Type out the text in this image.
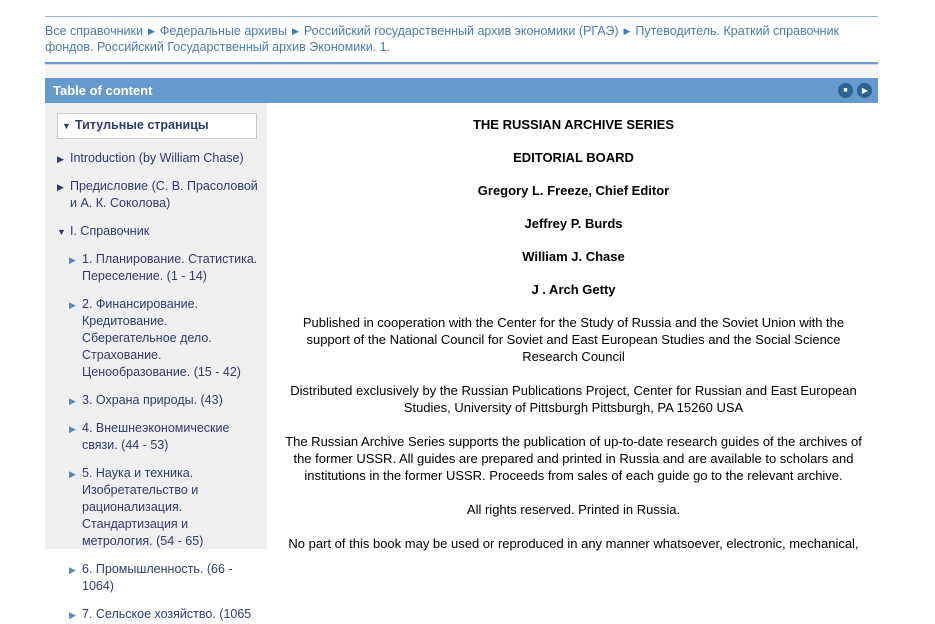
Все справочники ▶ Федеральные архивы ▶ Российский государственный архив экономики (РГАЭ) ▶ Путеводитель. Краткий справочник фондов. Российский Государственный архив Экономики. 1.
Table of content	■ ▶
▼ Титульные страницы
▶ Introduction (by William Chase)
▶ Предисловие (С. В. Прасоловой и А. К. Соколова)
▼ I. Справочник
▶ 1. Планирование. Статистика. Переселение. (1 - 14)
▶ 2. Финансирование. Кредитование. Сберегательное дело. Страхование. Ценообразование. (15 - 42)
▶ 3. Охрана природы. (43)
▶ 4. Внешнеэкономические связи. (44 - 53)
▶ 5. Наука и техника. Изобретательство и рационализация. Стандартизация и метрология. (54 - 65)
▶ 6. Промышленность. (66 - 1064)
▶ 7. Сельское хозяйство. (1065
THE RUSSIAN ARCHIVE SERIES
EDITORIAL BOARD
Gregory L. Freeze, Chief Editor
Jeffrey P. Burds
William J. Chase
J . Arch Getty

Published in cooperation with the Center for the Study of Russia and the Soviet Union with the support of the National Council for Soviet and East European Studies and the Social Science Research Council

Distributed exclusively by the Russian Publications Project, Center for Russian and East European Studies, University of Pittsburgh Pittsburgh, PA 15260 USA

The Russian Archive Series supports the publication of up-to-date research guides of the archives of the former USSR. All guides are prepared and printed in Russia and are available to scholars and institutions in the former USSR. Proceeds from sales of each guide go to the relevant archive.

All rights reserved. Printed in Russia.

No part of this book may be used or reproduced in any manner whatsoever, electronic, mechanical,
